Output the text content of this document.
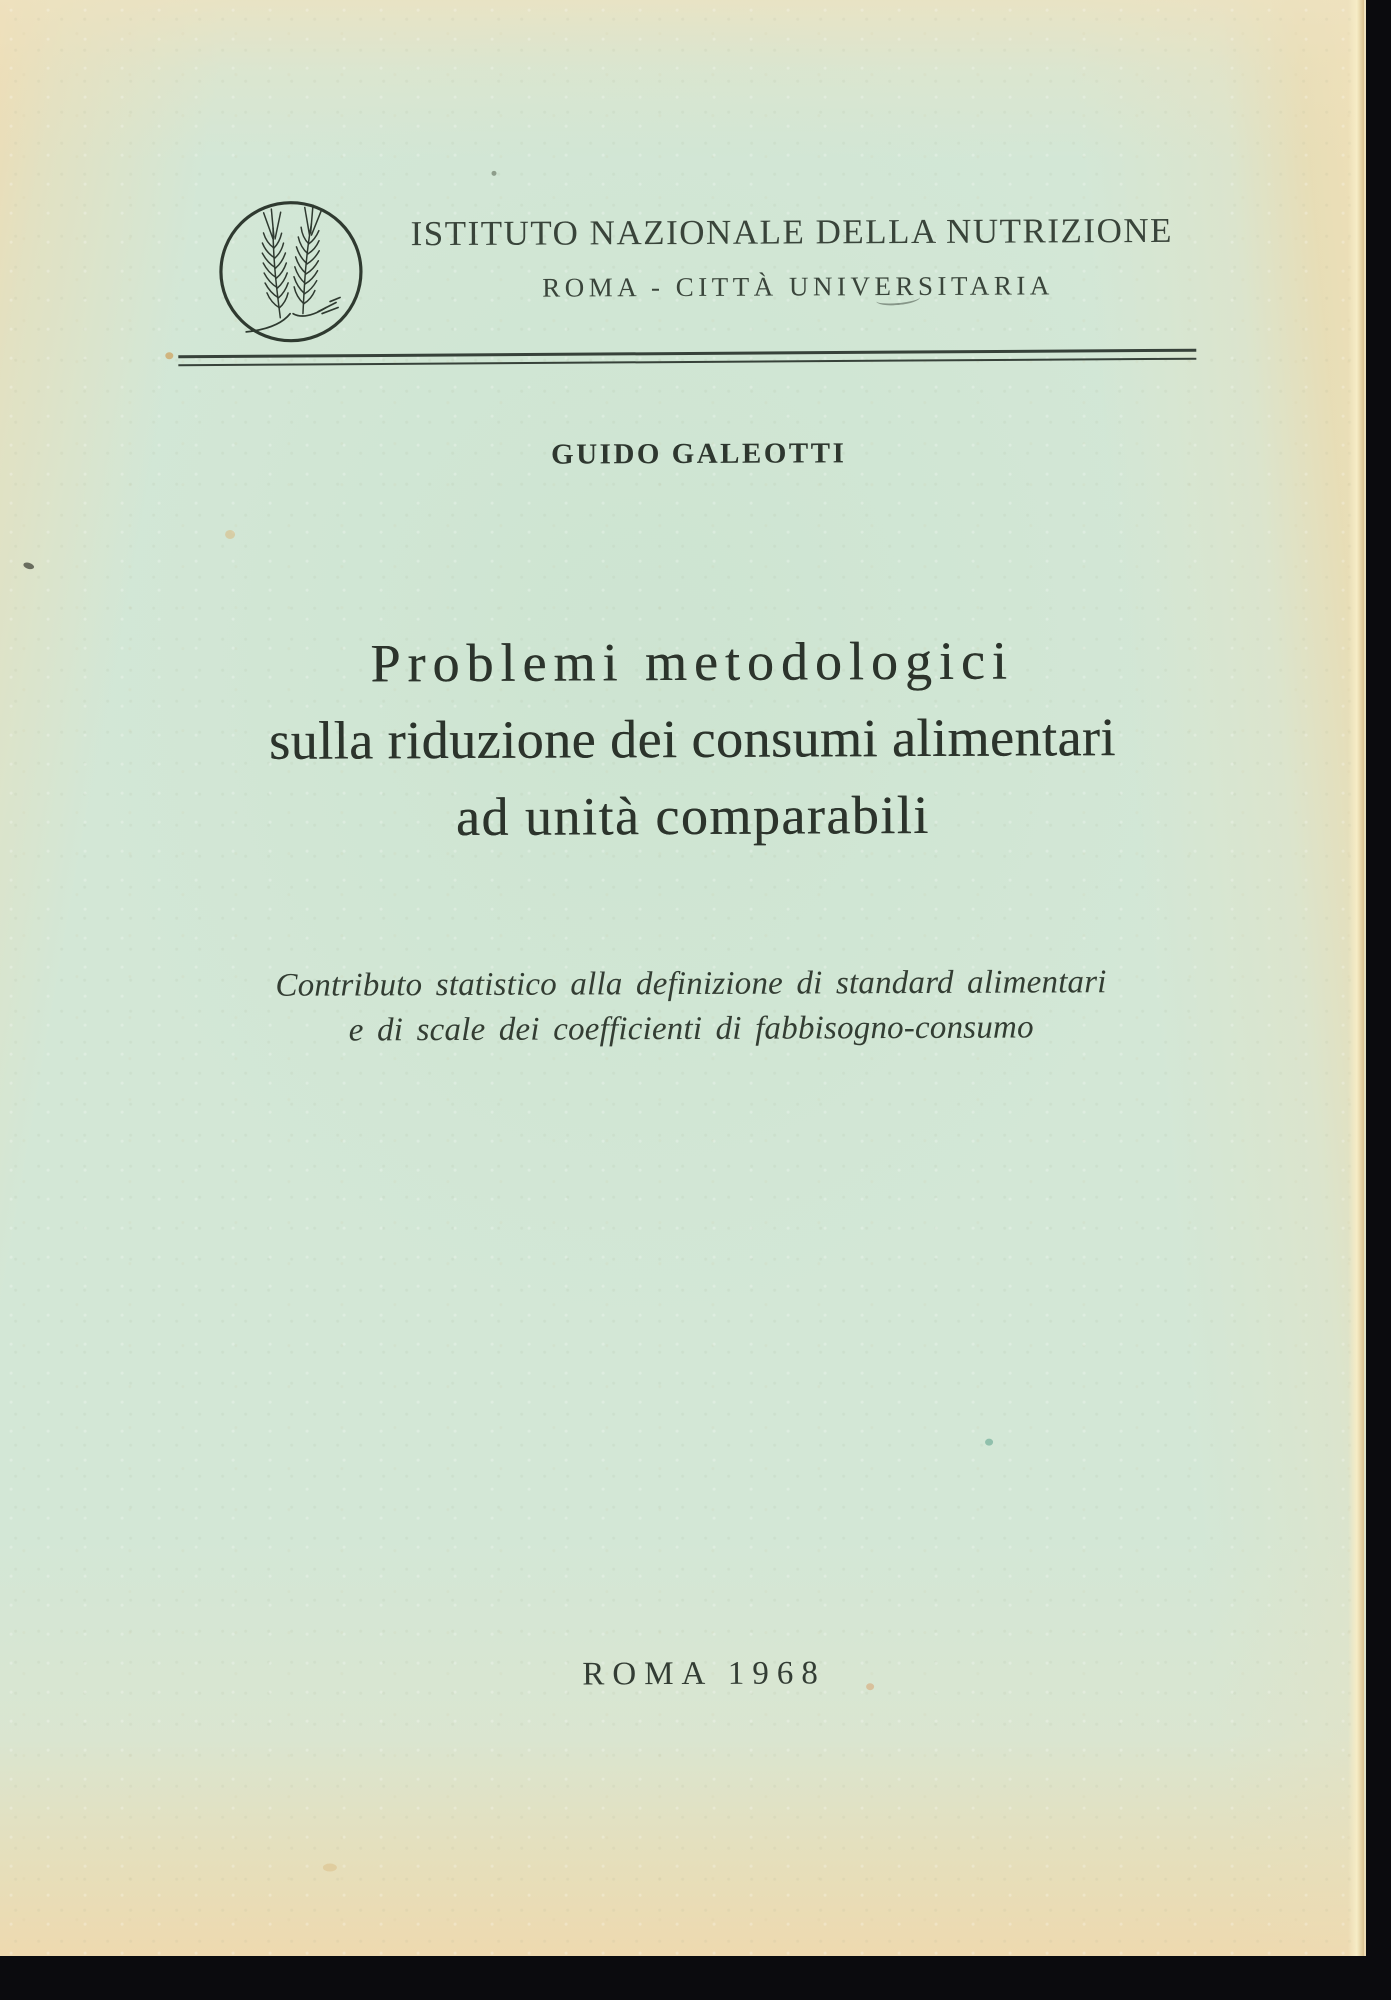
ISTITUTO NAZIONALE DELLA NUTRIZIONE
ROMA - CITTÀ UNIVERSITARIA
GUIDO GALEOTTI
Problemi metodologici
sulla riduzione dei consumi alimentari
ad unità comparabili
Contributo statistico alla definizione di standard alimentari
e di scale dei coefficienti di fabbisogno-consumo
ROMA 1968
